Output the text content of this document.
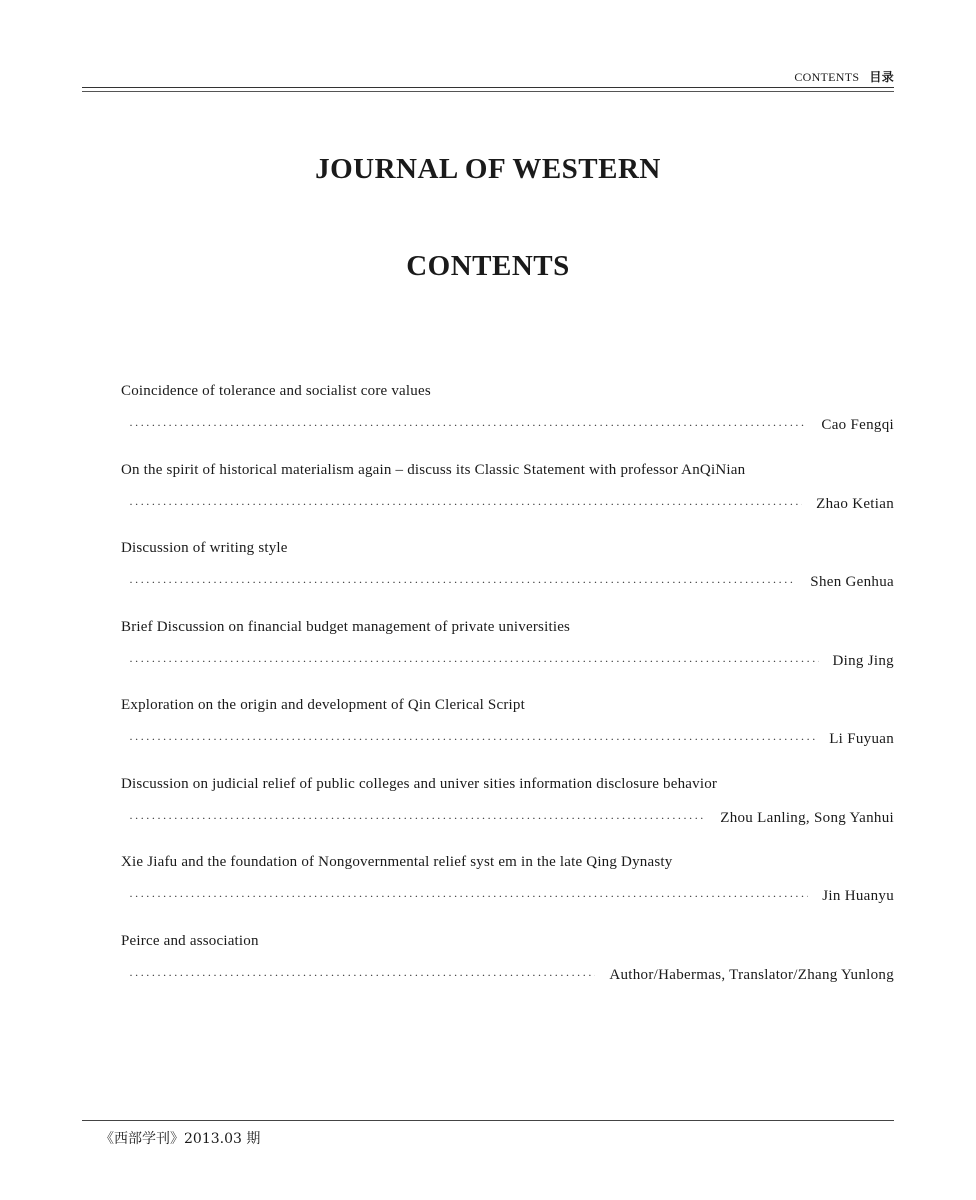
CONTENTS 目录
JOURNAL OF WESTERN
CONTENTS
Coincidence of tolerance and socialist core values
·····
Cao Fengqi
On the spirit of historical materialism again – discuss its Classic Statement with professor AnQiNian
·····
Zhao Ketian
Discussion of writing style
·····
Shen Genhua
Brief Discussion on financial budget management of private universities
·····
Ding Jing
Exploration on the origin and development of Qin Clerical Script
·····
Li Fuyuan
Discussion on judicial relief of public colleges and univer sities information disclosure behavior
·····
Zhou Lanling, Song Yanhui
Xie Jiafu and the foundation of Nongovernmental relief syst em in the late Qing Dynasty
·····
Jin Huanyu
Peirce and association
·····
Author/Habermas, Translator/Zhang Yunlong
《西部学刊》2013.03 期
